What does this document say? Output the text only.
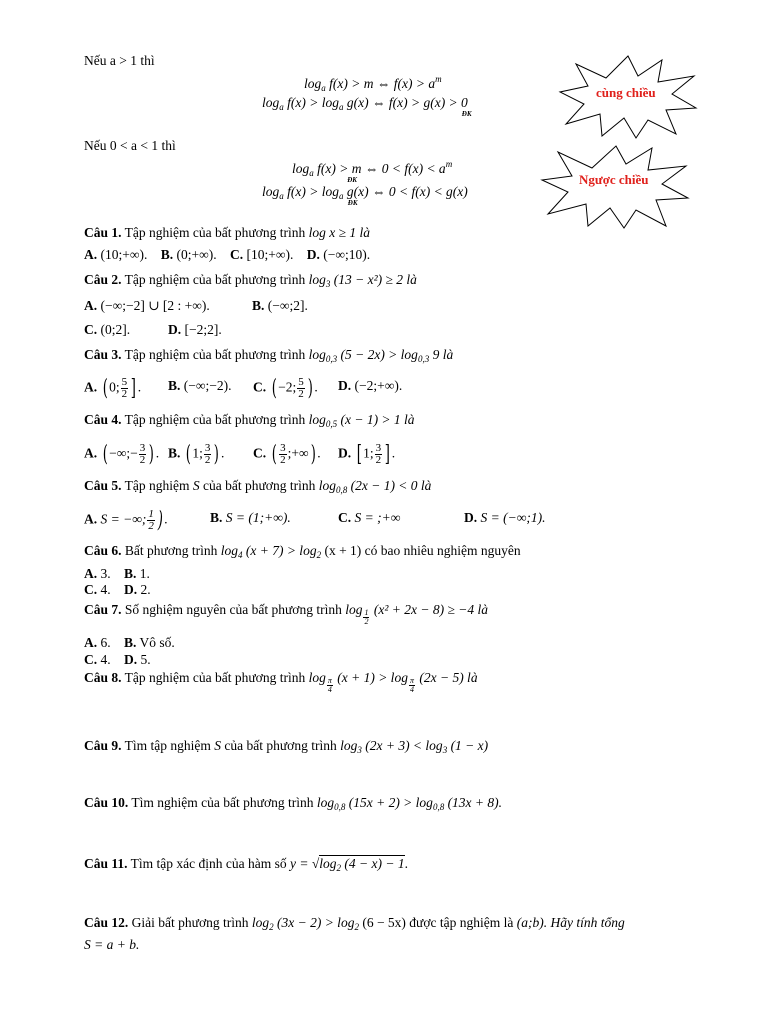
Nếu a > 1 thì
$\log_a f(x) > m$ ⇔ $f(x) > a^m$
$\log_a f(x) > \log_a g(x)$ ⇔ $f(x) > g(x) > 0_{ĐK}$
Nếu 0 < a < 1 thì
$\log_a f(x) > m$ ⇔ $0 < f(x) < a^m_{ĐK}$
$\log_a f(x) > \log_a g(x)$ ⇔ $0 < f(x) < g(x)_{ĐK}$
cùng chiều
Ngược chiều
Câu 1. Tập nghiệm của bất phương trình log x ≥ 1 là
A. (10;+∞). B. (0;+∞). C. [10;+∞). D. (−∞;10).
Câu 2. Tập nghiệm của bất phương trình $\log_3 (13 - x^2) \ge 2$ là
A. (−∞;−2] ∪ [2 : +∞).	B. (−∞;2].
C. (0;2].	D. [−2;2].
Câu 3. Tập nghiệm của bất phương trình $\log_{0,3} (5 - 2x) > \log_{0,3} 9$ là
A. ( 0; $\frac{5}{2}$ ] . B. (−∞;−2). C. ( −2; $\frac{5}{2}$ ) . D. (−2;+∞).
Câu 4. Tập nghiệm của bất phương trình $\log_{0,5} (x - 1) > 1$ là
A. ( −∞;− $\frac{3}{2}$ ) . B. ( 1; $\frac{3}{2}$ ) . C. ( $\frac{3}{2}$ ;+∞) . D. [ 1; $\frac{3}{2}$ ] .
Câu 5. Tập nghiệm S của bất phương trình $\log_{0,8} (2x - 1) < 0$ là
A. S = −∞; $\frac{1}{2}$ ) .	B. S = (1;+∞).	C. S = ;+∞	D. S = (−∞;1).
Câu 6. Bất phương trình $\log_4 (x + 7) > \log_2 (x + 1)$ có bao nhiêu nghiệm nguyên
A. 3. B. 1.
C. 4. D. 2.
Câu 7. Số nghiệm nguyên của bất phương trình $\log \frac{1}{2} (x^2 + 2x - 8) \ge -4$ là
A. 6. B. Vô số.
C. 4. D. 5.
Câu 8. Tập nghiệm của bất phương trình $\log \frac{\pi}{4} (x + 1) > \log \frac{\pi}{4} (2x - 5)$ là
Câu 9. Tìm tập nghiệm S của bất phương trình $\log_3 (2x + 3) < \log_3 (1 - x)$
Câu 10. Tìm nghiệm của bất phương trình $\log_{0,8} (15x + 2) > \log_{0,8} (13x + 8)$.
Câu 11. Tìm tập xác định của hàm số $y = √\log_2$ (4 − x) − 1.
Câu 12. Giải bất phương trình $\log_2 (3x - 2) > \log_2 (6 - 5x)$ được tập nghiệm là (a;b). Hãy tính tổng
S = a + b.
